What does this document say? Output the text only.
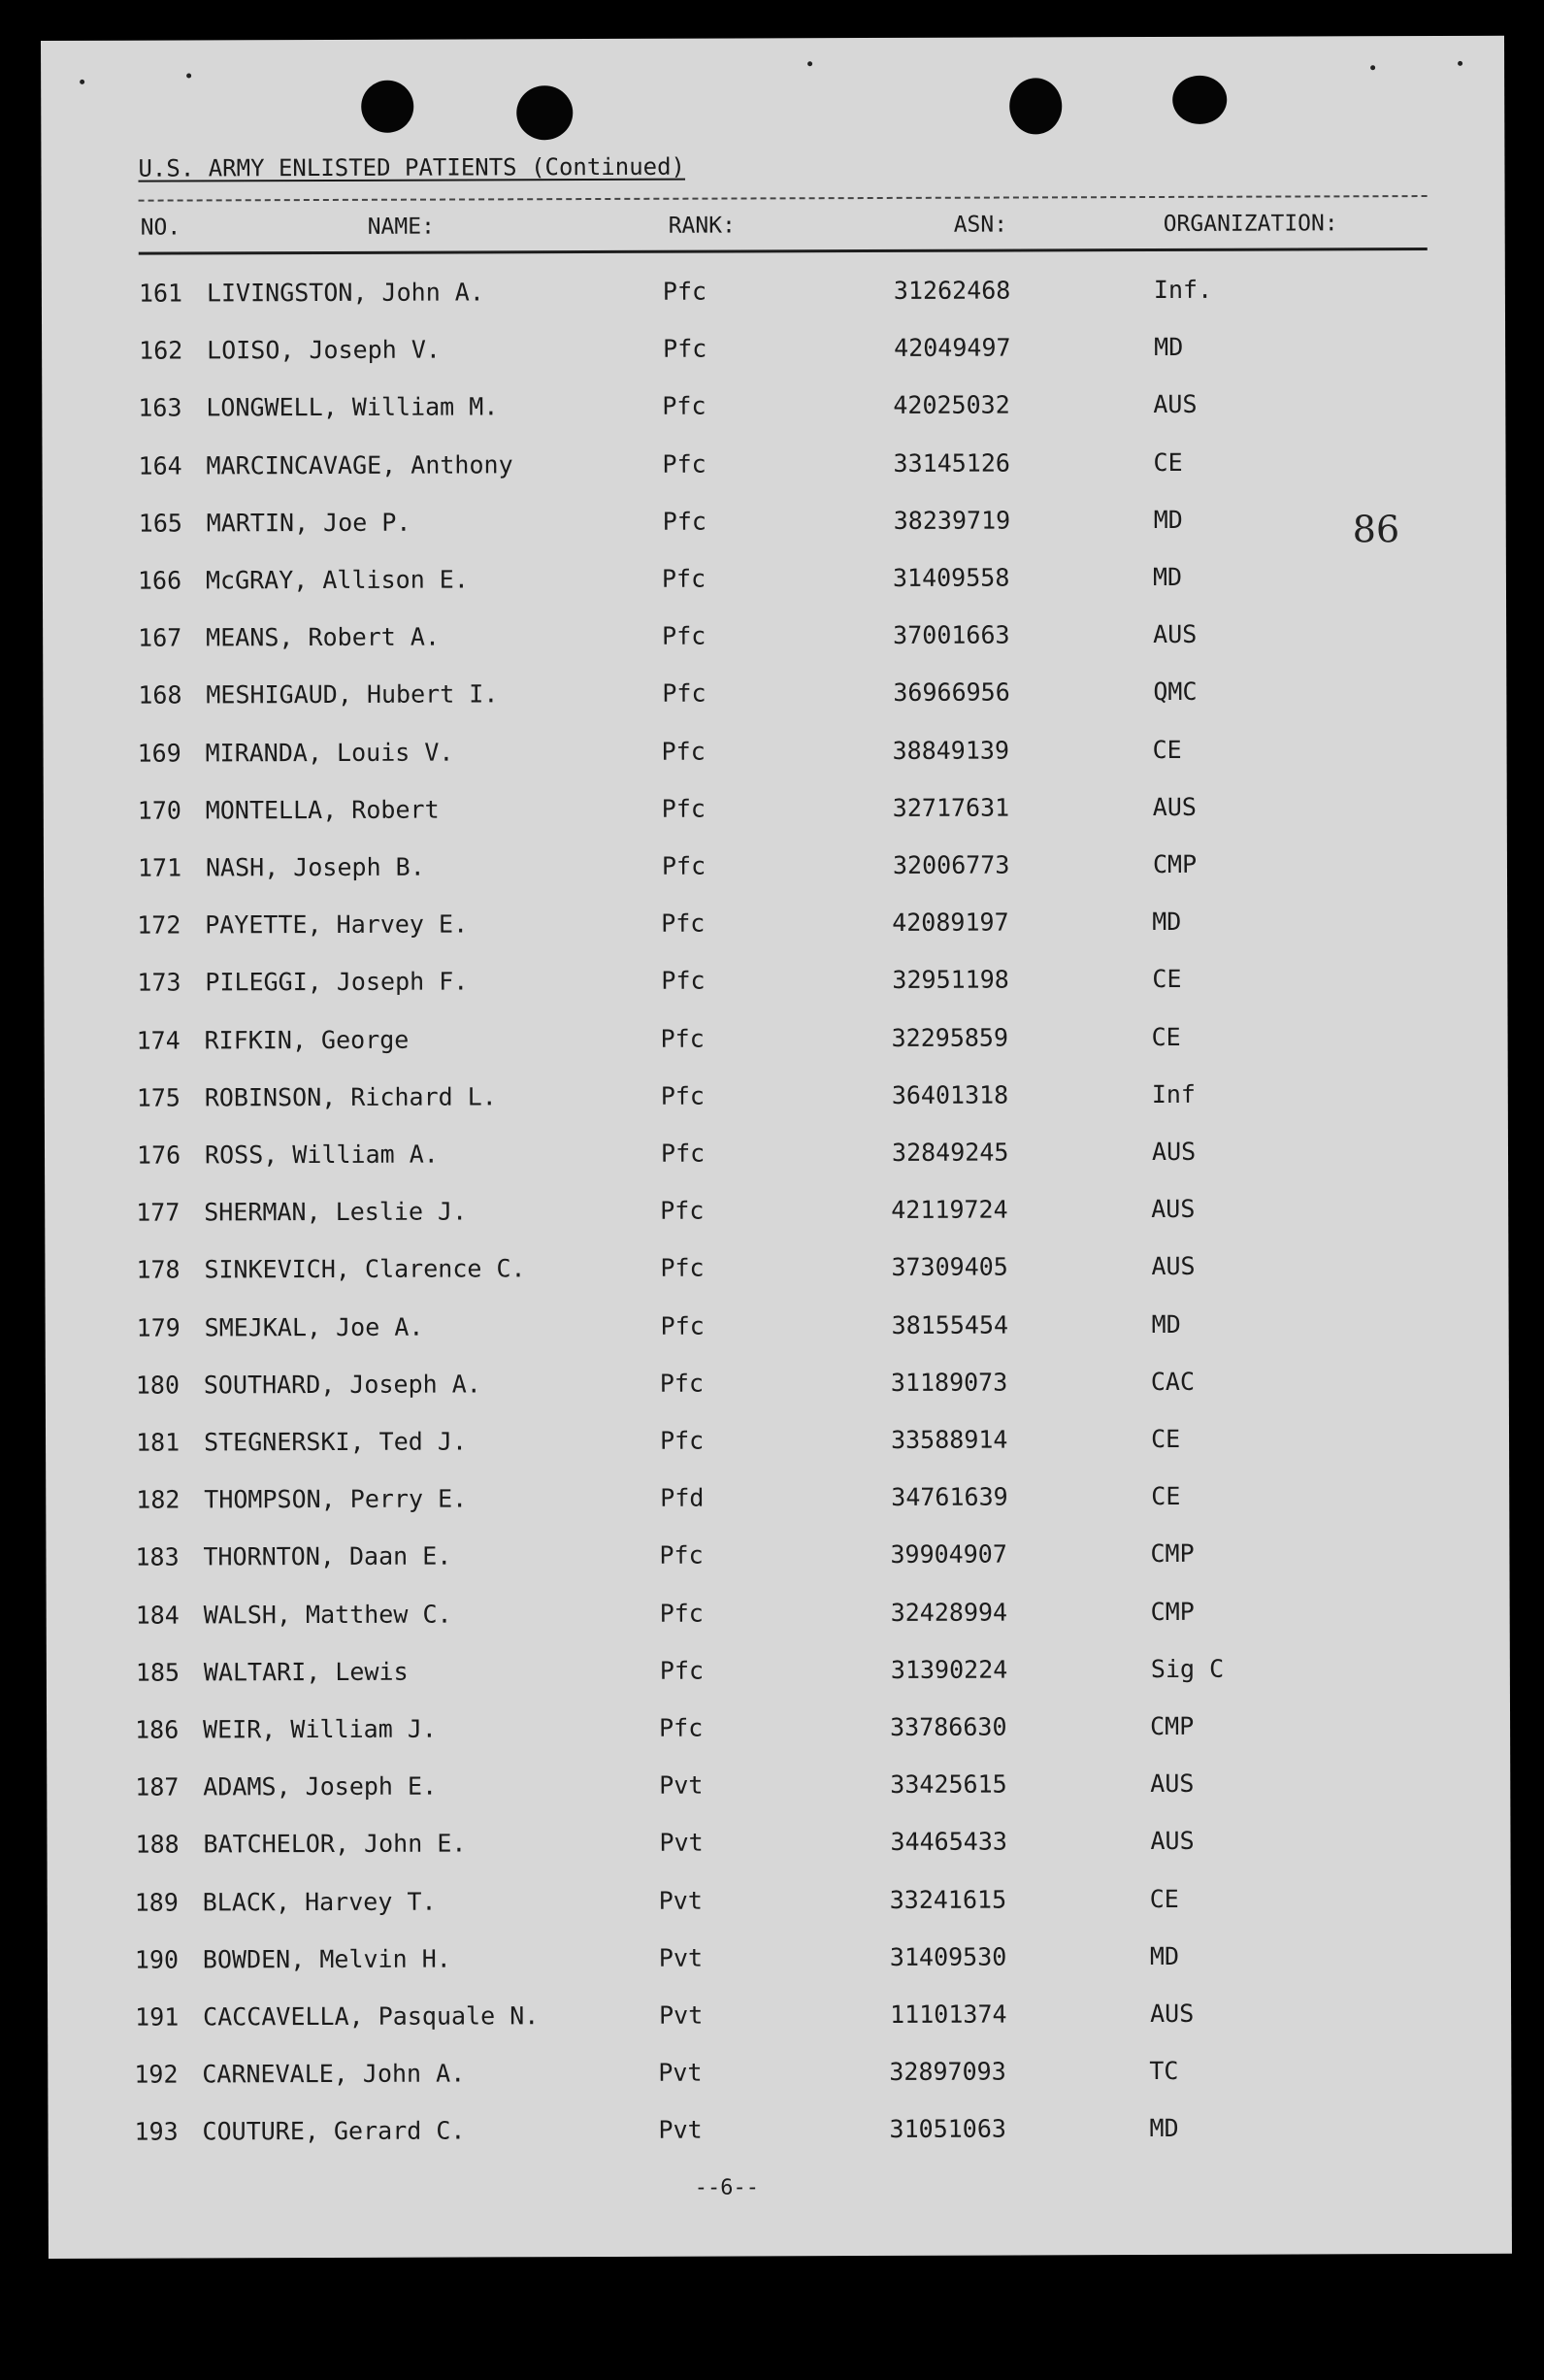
U.S. ARMY ENLISTED PATIENTS (Continued)
NO.	NAME:	RANK:	ASN:	ORGANIZATION:
161 LIVINGSTON, John A.	Pfc	31262468	Inf.
162 LOISO, Joseph V.	Pfc	42049497	MD
163 LONGWELL, William M.	Pfc	42025032	AUS
164 MARCINCAVAGE, Anthony	Pfc	33145126	CE
165 MARTIN, Joe P.	Pfc	38239719	MD
166 McGRAY, Allison E.	Pfc	31409558	MD
167 MEANS, Robert A.	Pfc	37001663	AUS
168 MESHIGAUD, Hubert I.	Pfc	36966956	QMC
169 MIRANDA, Louis V.	Pfc	38849139	CE
170 MONTELLA, Robert	Pfc	32717631	AUS
171 NASH, Joseph B.	Pfc	32006773	CMP
172 PAYETTE, Harvey E.	Pfc	42089197	MD
173 PILEGGI, Joseph F.	Pfc	32951198	CE
174 RIFKIN, George	Pfc	32295859	CE
175 ROBINSON, Richard L.	Pfc	36401318	Inf
176 ROSS, William A.	Pfc	32849245	AUS
177 SHERMAN, Leslie J.	Pfc	42119724	AUS
178 SINKEVICH, Clarence C.	Pfc	37309405	AUS
179 SMEJKAL, Joe A.	Pfc	38155454	MD
180 SOUTHARD, Joseph A.	Pfc	31189073	CAC
181 STEGNERSKI, Ted J.	Pfc	33588914	CE
182 THOMPSON, Perry E.	Pfd	34761639	CE
183 THORNTON, Daan E.	Pfc	39904907	CMP
184 WALSH, Matthew C.	Pfc	32428994	CMP
185 WALTARI, Lewis	Pfc	31390224	Sig C
186 WEIR, William J.	Pfc	33786630	CMP
187 ADAMS, Joseph E.	Pvt	33425615	AUS
188 BATCHELOR, John E.	Pvt	34465433	AUS
189 BLACK, Harvey T.	Pvt	33241615	CE
190 BOWDEN, Melvin H.	Pvt	31409530	MD
191 CACCAVELLA, Pasquale N.	Pvt	11101374	AUS
192 CARNEVALE, John A.	Pvt	32897093	TC
193 COUTURE, Gerard C.	Pvt	31051063	MD
86
--6--
